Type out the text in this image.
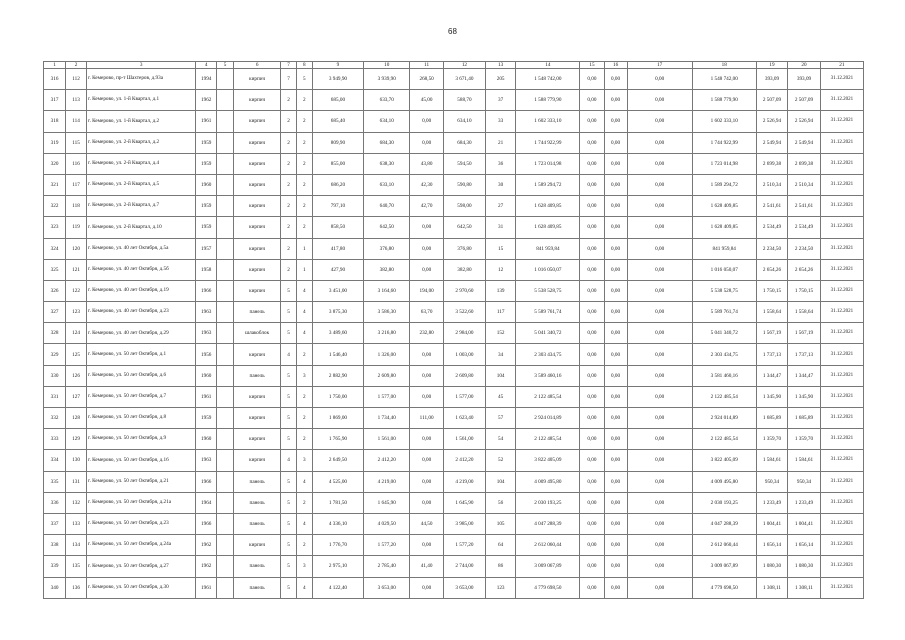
68
1	2	3	4	5	6	7	8	9	10	11	12	13	14	15	16	17	18	19	20	21
316	112	г. Кемерово, пр-т Шахтеров, д.93а	1994		кирпич	7	5	3 949,90	3 939,90	268,50	3 671,40	205	1 548 742,00	0,00	0,00	0,00	1 548 742,00	393,09	393,09	31.12.2021
317	113	г. Кемерово, ул. 1-й Квартал, д.1	1962		кирпич	2	2	685,00	633,70	45,00	588,70	37	1 588 779,90	0,00	0,00	0,00	1 588 779,90	2 507,09	2 507,09	31.12.2021
318	114	г. Кемерово, ул. 1-й Квартал, д.2	1961		кирпич	2	2	685,40	634,10	0,00	634,10	33	1 602 333,10	0,00	0,00	0,00	1 602 333,10	2 526,94	2 526,94	31.12.2021
319	115	г. Кемерово, ул. 2-й Квартал, д.2	1959		кирпич	2	2	809,90	684,30	0,00	684,30	21	1 744 922,99	0,00	0,00	0,00	1 744 922,99	2 549,94	2 549,94	31.12.2021
320	116	г. Кемерово, ул. 2-й Квартал, д.4	1959		кирпич	2	2	855,00	638,30	43,80	594,50	36	1 723 014,98	0,00	0,00	0,00	1 723 014,98	2 699,38	2 699,38	31.12.2021
321	117	г. Кемерово, ул. 2-й Квартал, д.5	1960		кирпич	2	2	686,20	633,10	42,30	590,80	30	1 589 294,72	0,00	0,00	0,00	1 589 294,72	2 510,34	2 510,34	31.12.2021
322	118	г. Кемерово, ул. 2-й Квартал, д.7	1959		кирпич	2	2	797,10	640,70	42,70	598,00	27	1 628 409,85	0,00	0,00	0,00	1 628 409,85	2 541,61	2 541,61	31.12.2021
323	119	г. Кемерово, ул. 2-й Квартал, д.10	1959		кирпич	2	2	858,50	642,50	0,00	642,50	31	1 628 409,85	0,00	0,00	0,00	1 628 409,85	2 534,49	2 534,49	31.12.2021
324	120	г. Кемерово, ул. 40 лет Октября, д.5а	1957		кирпич	2	1	417,80	376,80	0,00	376,80	15	841 959,84	0,00	0,00	0,00	841 959,84	2 234,50	2 234,50	31.12.2021
325	121	г. Кемерово, ул. 40 лет Октября, д.5б	1958		кирпич	2	1	427,90	382,80	0,00	382,80	12	1 016 050,07	0,00	0,00	0,00	1 016 050,07	2 654,26	2 654,26	31.12.2021
326	122	г. Кемерово, ул. 40 лет Октября, д.19	1966		кирпич	5	4	3 451,00	3 164,60	194,00	2 970,60	139	5 538 528,75	0,00	0,00	0,00	5 538 528,75	1 750,15	1 750,15	31.12.2021
327	123	г. Кемерово, ул. 40 лет Октября, д.23	1963		панель	5	4	3 875,30	3 586,30	63,70	3 522,60	117	5 589 761,74	0,00	0,00	0,00	5 589 761,74	1 558,64	1 558,64	31.12.2021
328	124	г. Кемерово, ул. 40 лет Октября, д.29	1963		шлакоблок	5	4	3 489,60	3 216,80	232,80	2 984,00	152	5 041 340,72	0,00	0,00	0,00	5 041 340,72	1 567,19	1 567,19	31.12.2021
329	125	г. Кемерово, ул. 50 лет Октября, д.1	1956		кирпич	4	2	1 546,40	1 326,00	0,00	1 003,00	34	2 303 434,75	0,00	0,00	0,00	2 303 434,75	1 737,13	1 737,13	31.12.2021
330	126	г. Кемерово, ул. 50 лет Октября, д.6	1960		панель	5	3	2 882,90	2 609,80	0,00	2 609,80	104	3 589 460,16	0,00	0,00	0,00	3 581 460,16	1 344,47	1 344,47	31.12.2021
331	127	г. Кемерово, ул. 50 лет Октября, д.7	1961		кирпич	5	2	1 750,00	1 577,00	0,00	1 577,00	45	2 122 485,54	0,00	0,00	0,00	2 122 485,54	1 345,90	1 345,90	31.12.2021
332	128	г. Кемерово, ул. 50 лет Октября, д.8	1959		кирпич	5	2	1 869,00	1 734,40	111,00	1 623,40	57	2 924 014,89	0,00	0,00	0,00	2 924 014,89	1 685,89	1 685,89	31.12.2021
333	129	г. Кемерово, ул. 50 лет Октября, д.9	1960		кирпич	5	2	1 765,90	1 561,00	0,00	1 561,00	54	2 122 485,54	0,00	0,00	0,00	2 122 485,54	1 359,70	1 359,70	31.12.2021
334	130	г. Кемерово, ул. 50 лет Октября, д.16	1963		кирпич	4	3	2 649,50	2 412,20	0,00	2 412,20	52	3 822 405,09	0,00	0,00	0,00	3 822 405,09	1 584,61	1 584,61	31.12.2021
335	131	г. Кемерово, ул. 50 лет Октября, д.21	1966		панель	5	4	4 525,00	4 219,00	0,00	4 219,00	104	4 009 495,80	0,00	0,00	0,00	4 009 495,80	950,34	950,34	31.12.2021
336	132	г. Кемерово, ул. 50 лет Октября, д.21а	1964		панель	5	2	1 781,50	1 645,90	0,00	1 645,90	56	2 030 193,25	0,00	0,00	0,00	2 030 193,25	1 233,49	1 233,49	31.12.2021
337	133	г. Кемерово, ул. 50 лет Октября, д.23	1966		панель	5	4	4 336,10	4 029,50	44,50	3 985,00	105	4 047 288,39	0,00	0,00	0,00	4 047 288,39	1 004,41	1 004,41	31.12.2021
338	134	г. Кемерово, ул. 50 лет Октября, д.24а	1962		кирпич	5	2	1 776,70	1 577,20	0,00	1 577,20	64	2 612 060,44	0,00	0,00	0,00	2 612 060,44	1 656,14	1 656,14	31.12.2021
339	135	г. Кемерово, ул. 50 лет Октября, д.27	1962		панель	5	3	2 975,10	2 785,40	41,40	2 744,00	86	3 009 067,89	0,00	0,00	0,00	3 009 067,89	1 080,30	1 080,30	31.12.2021
340	136	г. Кемерово, ул. 50 лет Октября, д.30	1961		панель	5	4	4 122,40	3 653,00	0,00	3 653,00	123	4 779 698,50	0,00	0,00	0,00	4 779 698,50	1 308,11	1 308,11	31.12.2021
